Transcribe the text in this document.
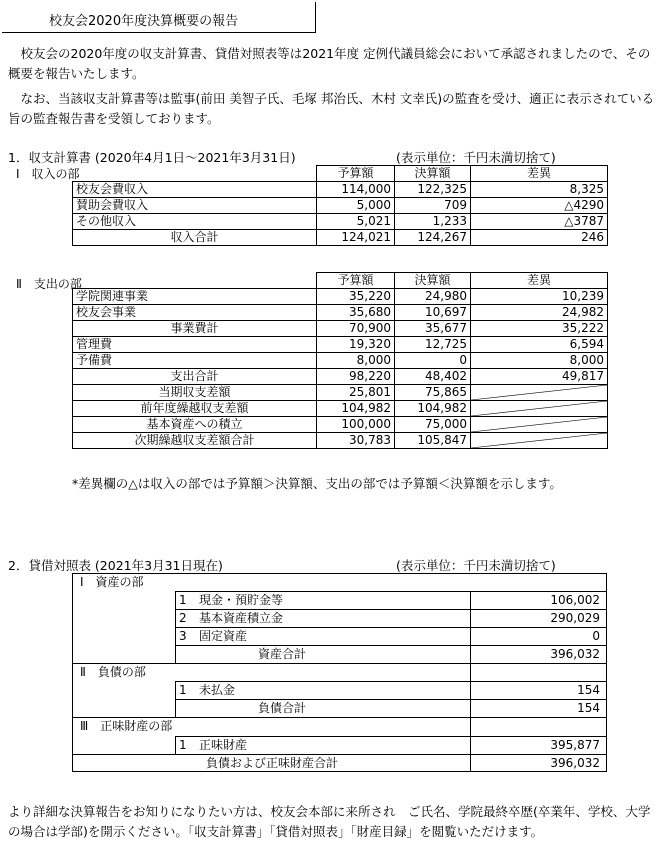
校友会2020年度決算概要の報告
　校友会の2020年度の収支計算書、貸借対照表等は2021年度 定例代議員総会において承認されましたので、その概要を報告いたします。
　なお、当該収支計算書等は監事(前田 美智子氏、毛塚 邦治氏、木村 文幸氏)の監査を受け、適正に表示されている旨の監査報告書を受領しております。
1．収支計算書 (2020年4月1日～2021年3月31日)	(表示単位：千円未満切捨て)
Ⅰ　収入の部
		予算額	決算額	差異
校友会費収入	114,000	122,325	8,325
賛助会費収入	5,000	709	△4290
その他収入	5,021	1,233	△3787
収入合計	124,021	124,267	246
Ⅱ　支出の部
		予算額	決算額	差異
学院関連事業	35,220	24,980	10,239
校友会事業	35,680	10,697	24,982
事業費計	70,900	35,677	35,222
管理費	19,320	12,725	6,594
予備費	8,000	0	8,000
支出合計	98,220	48,402	49,817
当期収支差額	25,801	75,865	

前年度繰越収支差額	104,982	104,982	

基本資産への積立	100,000	75,000	

次期繰越収支差額合計	30,783	105,847	
*差異欄の△は収入の部では予算額＞決算額、支出の部では予算額＜決算額を示します。
2．貸借対照表 (2021年3月31日現在)	(表示単位：千円未満切捨て)
Ⅰ　資産の部
1 現金・預貯金等	106,002
2 基本資産積立金	290,029
3 固定資産	0
資産合計	396,032
Ⅱ　負債の部
1 未払金	154
負債合計	154
Ⅲ　正味財産の部
1 正味財産	395,877
負債および正味財産合計	396,032
より詳細な決算報告をお知りになりたい方は、校友会本部に来所され　ご氏名、学院最終卒歴(卒業年、学校、大学の場合は学部)を開示ください。「収支計算書」「貸借対照表」「財産目録」を閲覧いただけます。
